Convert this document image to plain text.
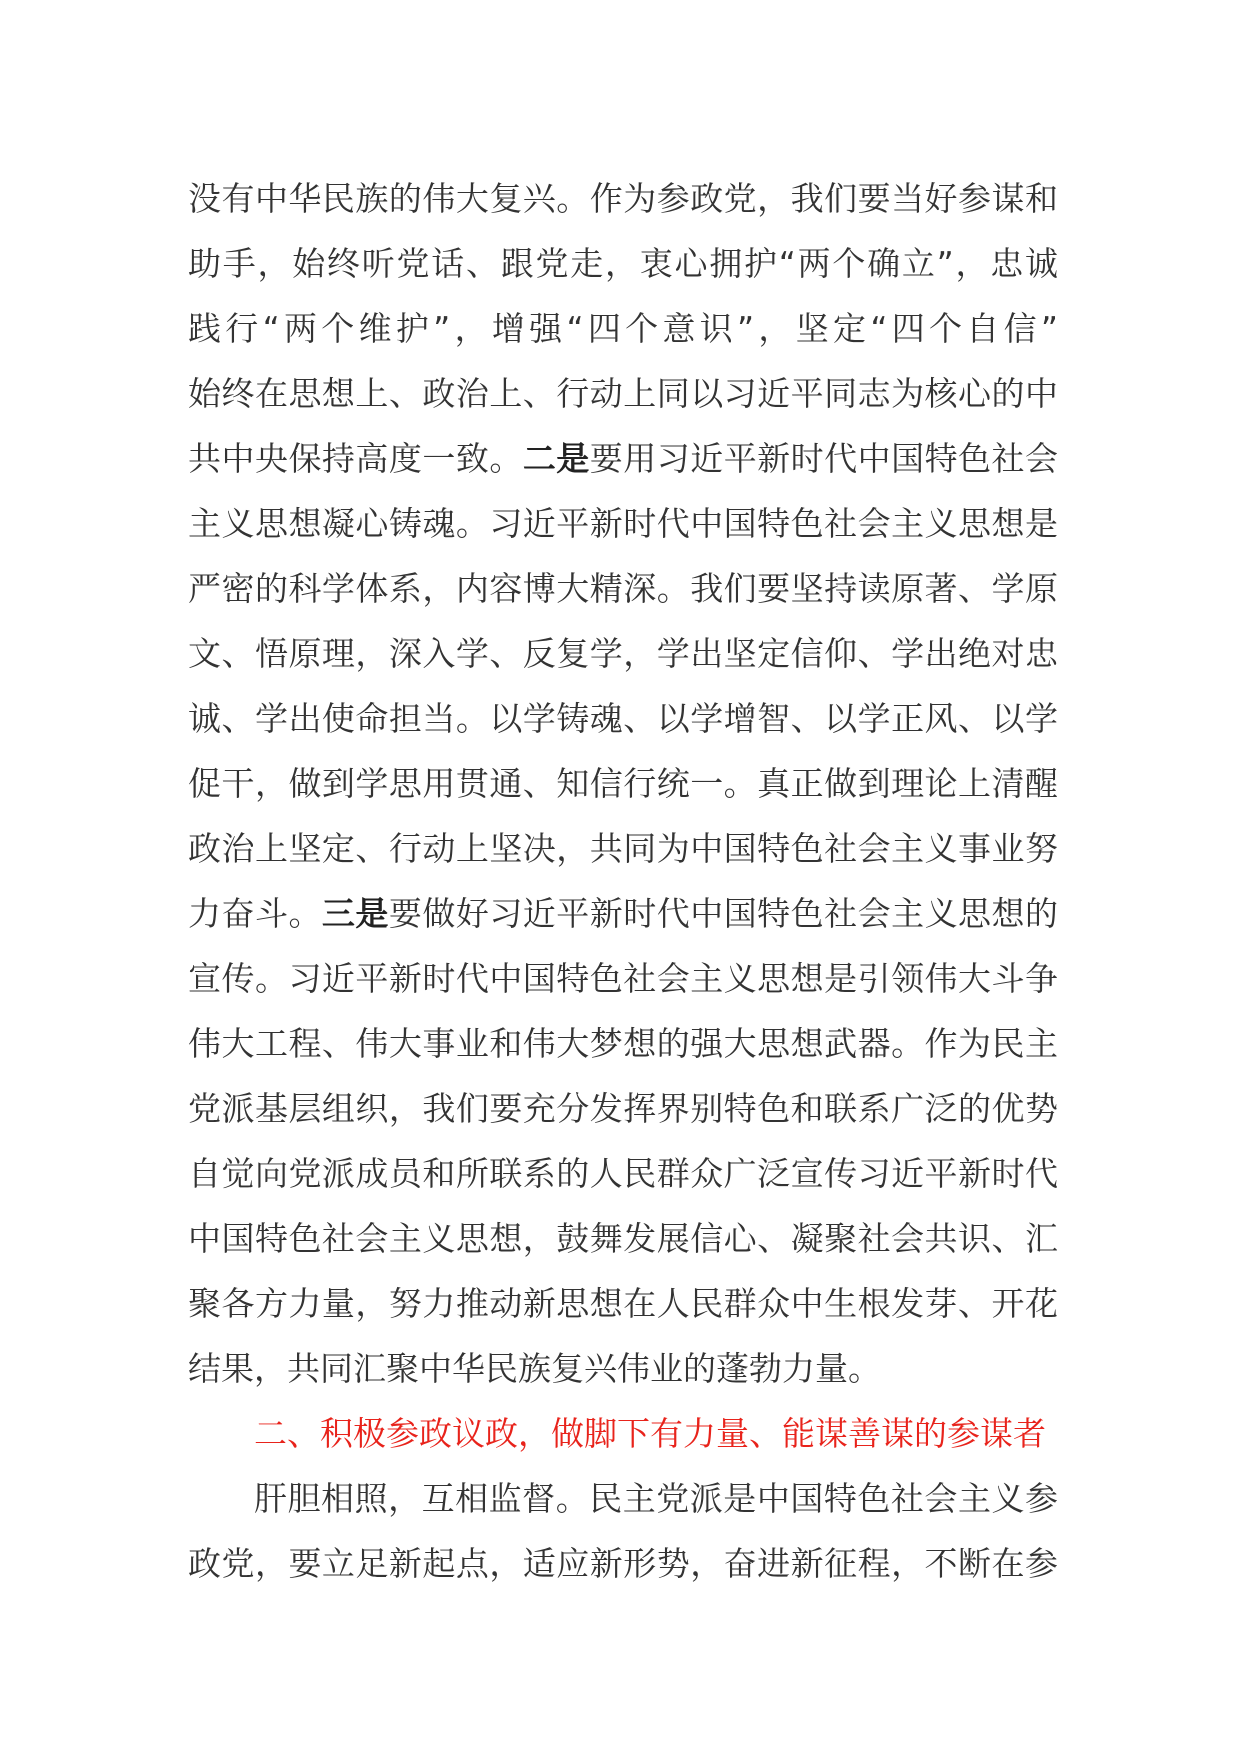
没有中华民族的伟大复兴。作为参政党，我们要当好参谋和
助手，始终听党话、跟党走，衷心拥护“两个确立”，忠诚
践行“两个维护”，增强“四个意识”，坚定“四个自信”
始终在思想上、政治上、行动上同以习近平同志为核心的中
共中央保持高度一致。二是要用习近平新时代中国特色社会
主义思想凝心铸魂。习近平新时代中国特色社会主义思想是
严密的科学体系，内容博大精深。我们要坚持读原著、学原
文、悟原理，深入学、反复学，学出坚定信仰、学出绝对忠
诚、学出使命担当。以学铸魂、以学增智、以学正风、以学
促干，做到学思用贯通、知信行统一。真正做到理论上清醒
政治上坚定、行动上坚决，共同为中国特色社会主义事业努
力奋斗。三是要做好习近平新时代中国特色社会主义思想的
宣传。习近平新时代中国特色社会主义思想是引领伟大斗争
伟大工程、伟大事业和伟大梦想的强大思想武器。作为民主
党派基层组织，我们要充分发挥界别特色和联系广泛的优势
自觉向党派成员和所联系的人民群众广泛宣传习近平新时代
中国特色社会主义思想，鼓舞发展信心、凝聚社会共识、汇
聚各方力量，努力推动新思想在人民群众中生根发芽、开花
结果，共同汇聚中华民族复兴伟业的蓬勃力量。
二、积极参政议政，做脚下有力量、能谋善谋的参谋者
肝胆相照，互相监督。民主党派是中国特色社会主义参
政党，要立足新起点，适应新形势，奋进新征程，不断在参
